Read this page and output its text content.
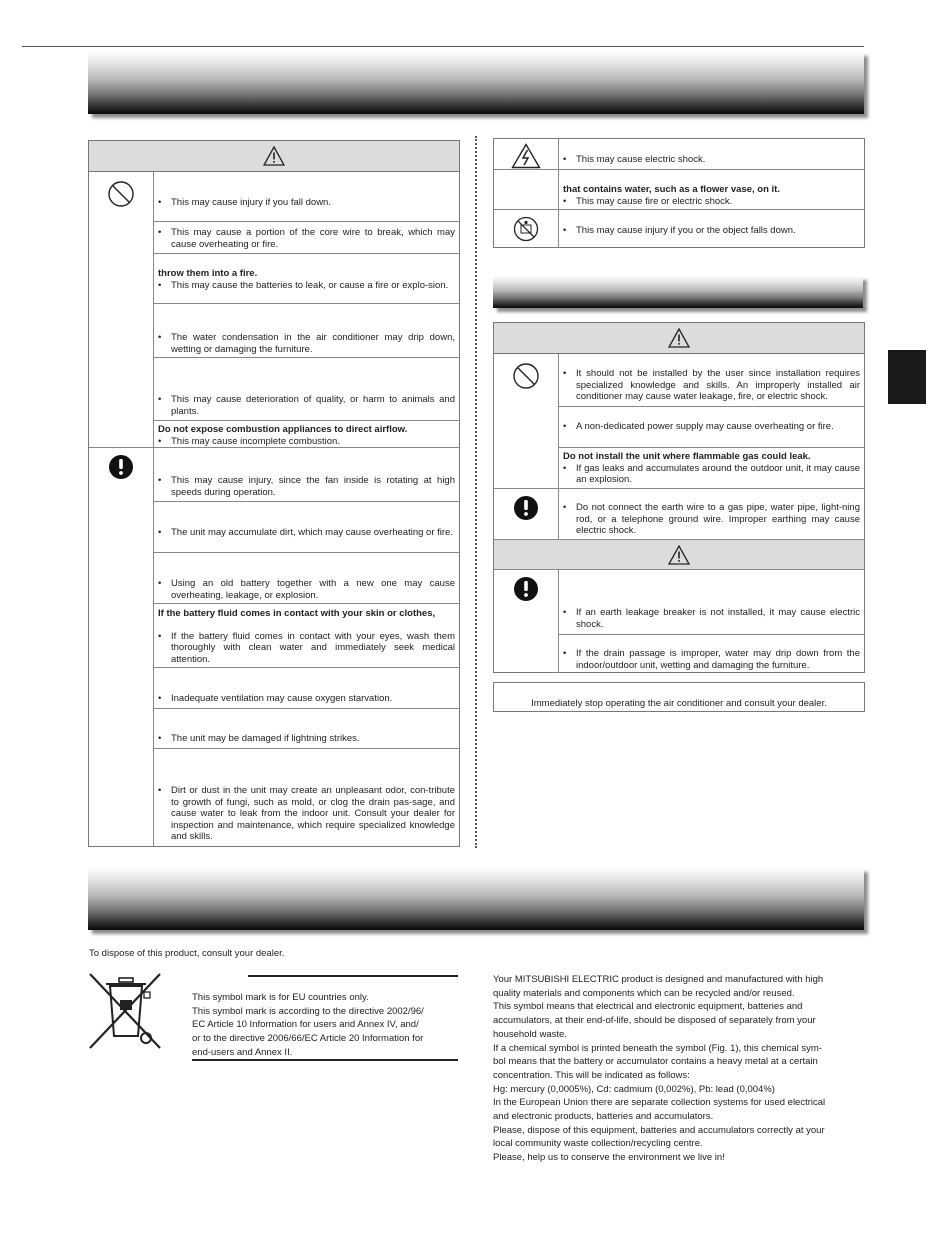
• This may cause injury if you fall down.
• This may cause a portion of the core wire to break, which may cause overheating or fire.
throw them into a fire.
• This may cause the batteries to leak, or cause a fire or explo-sion.
• The water condensation in the air conditioner may drip down, wetting or damaging the furniture.
• This may cause deterioration of quality, or harm to animals and plants.
Do not expose combustion appliances to direct airflow.
• This may cause incomplete combustion.
• This may cause injury, since the fan inside is rotating at high speeds during operation.
• The unit may accumulate dirt, which may cause overheating or fire.
• Using an old battery together with a new one may cause overheating, leakage, or explosion.
If the battery fluid comes in contact with your skin or clothes,
• If the battery fluid comes in contact with your eyes, wash them thoroughly with clean water and immediately seek medical attention.
• Inadequate ventilation may cause oxygen starvation.
• The unit may be damaged if lightning strikes.
• Dirt or dust in the unit may create an unpleasant odor, con-tribute to growth of fungi, such as mold, or clog the drain pas-sage, and cause water to leak from the indoor unit. Consult your dealer for inspection and maintenance, which require specialized knowledge and skills.
• This may cause electric shock.
that contains water, such as a flower vase, on it.
• This may cause fire or electric shock.
• This may cause injury if you or the object falls down.
• It should not be installed by the user since installation requires specialized knowledge and skills. An improperly installed air conditioner may cause water leakage, fire, or electric shock.
• A non-dedicated power supply may cause overheating or fire.
Do not install the unit where flammable gas could leak.
• If gas leaks and accumulates around the outdoor unit, it may cause an explosion.
• Do not connect the earth wire to a gas pipe, water pipe, light-ning rod, or a telephone ground wire. Improper earthing may cause electric shock.
• If an earth leakage breaker is not installed, it may cause electric shock.
• If the drain passage is improper, water may drip down from the indoor/outdoor unit, wetting and damaging the furniture.
Immediately stop operating the air conditioner and consult your dealer.
To dispose of this product, consult your dealer.
This symbol mark is for EU countries only.
This symbol mark is according to the directive 2002/96/
EC Article 10 Information for users and Annex IV, and/
or to the directive 2006/66/EC Article 20 Information for
end-users and Annex II.
Your MITSUBISHI ELECTRIC product is designed and manufactured with high
quality materials and components which can be recycled and/or reused.
This symbol means that electrical and electronic equipment, batteries and
accumulators, at their end-of-life, should be disposed of separately from your
household waste.
If a chemical symbol is printed beneath the symbol (Fig. 1), this chemical sym-
bol means that the battery or accumulator contains a heavy metal at a certain
concentration. This will be indicated as follows:
Hg: mercury (0,0005%), Cd: cadmium (0,002%), Pb: lead (0,004%)
In the European Union there are separate collection systems for used electrical
and electronic products, batteries and accumulators.
Please, dispose of this equipment, batteries and accumulators correctly at your
local community waste collection/recycling centre.
Please, help us to conserve the environment we live in!
